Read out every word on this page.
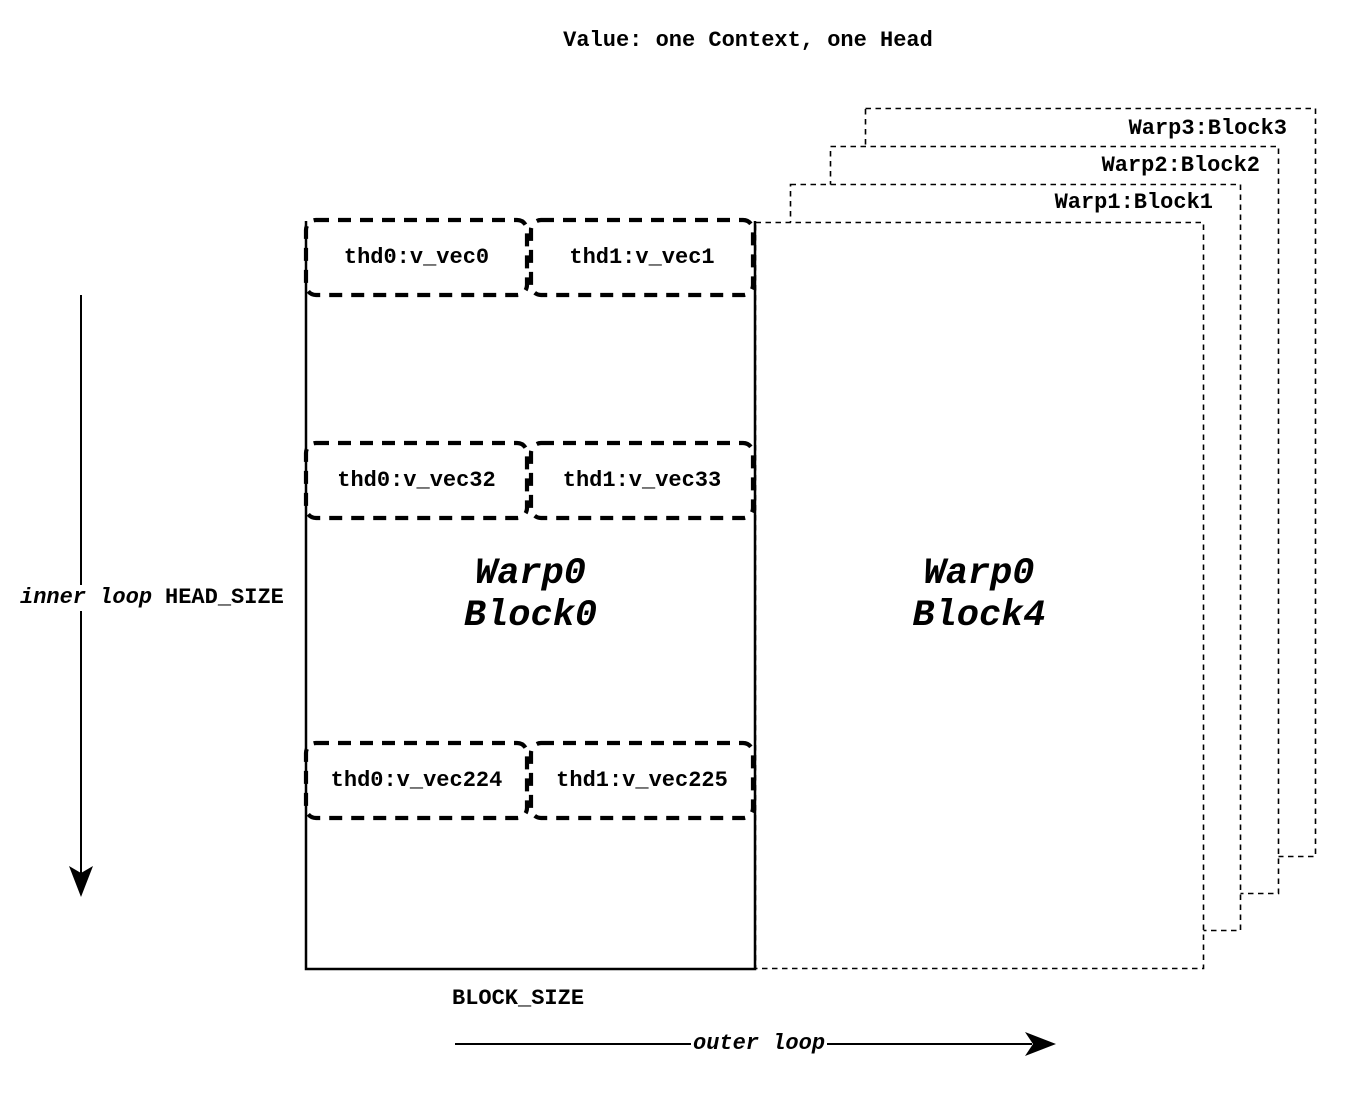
Value: one Context, one Head
Warp3:Block3
Warp2:Block2
Warp1:Block1
thd0:v_vec0	thd1:v_vec1
thd0:v_vec32	thd1:v_vec33
thd0:v_vec224	thd1:v_vec225
Warp0
Block0
Warp0
Block4
inner loop HEAD_SIZE
BLOCK_SIZE
outer loop
